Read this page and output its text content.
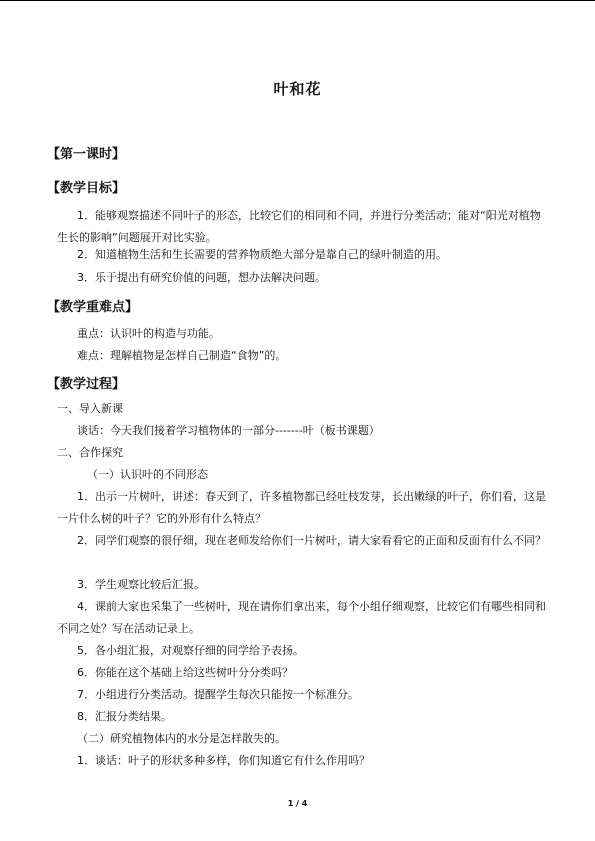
叶和花
【第一课时】
【教学目标】
1．能够观察描述不同叶子的形态，比较它们的相同和不同，并进行分类活动；能对“阳光对植物生长的影响”问题展开对比实验。
2．知道植物生活和生长需要的营养物质绝大部分是靠自己的绿叶制造的用。
3．乐于提出有研究价值的问题，想办法解决问题。
【教学重难点】
重点：认识叶的构造与功能。
难点：理解植物是怎样自己制造“食物”的。
【教学过程】
一、导入新课
谈话：今天我们接着学习植物体的一部分-------叶（板书课题）
二、合作探究
（一）认识叶的不同形态
1．出示一片树叶，讲述：春天到了，许多植物都已经吐枝发芽，长出嫩绿的叶子，你们看，这是一片什么树的叶子？它的外形有什么特点？
2．同学们观察的很仔细，现在老师发给你们一片树叶，请大家看看它的正面和反面有什么不同？
3．学生观察比较后汇报。
4．课前大家也采集了一些树叶，现在请你们拿出来，每个小组仔细观察，比较它们有哪些相同和不同之处？写在活动记录上。
5．各小组汇报，对观察仔细的同学给予表扬。
6．你能在这个基础上给这些树叶分分类吗？
7．小组进行分类活动。提醒学生每次只能按一个标准分。
8．汇报分类结果。
（二）研究植物体内的水分是怎样散失的。
1．谈话：叶子的形状多种多样，你们知道它有什么作用吗？
1 / 4
